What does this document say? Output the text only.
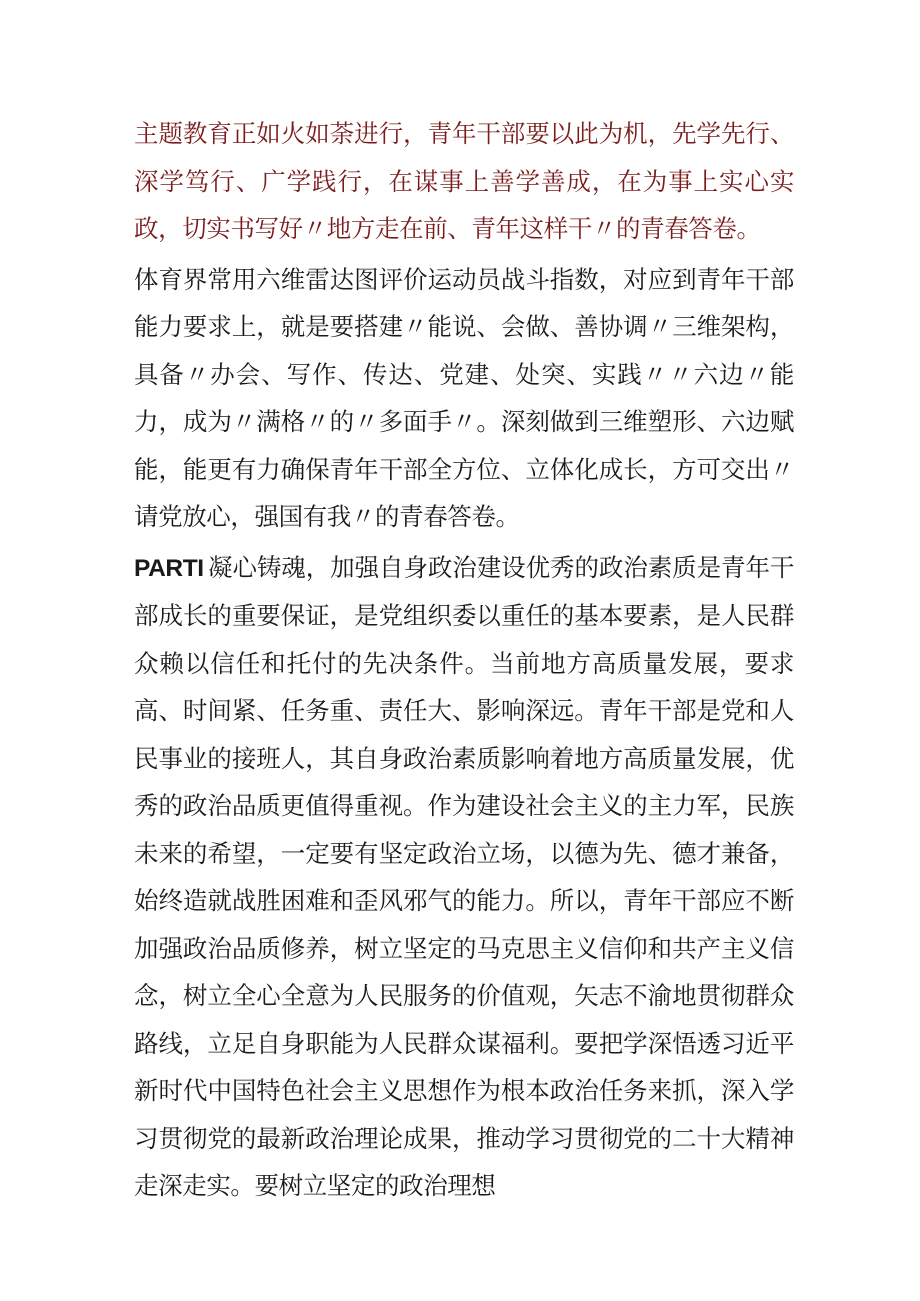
主题教育正如火如荼进行，青年干部要以此为机，先学先行、深学笃行、广学践行，在谋事上善学善成，在为事上实心实政，切实书写好〃地方走在前、青年这样干〃的青春答卷。

体育界常用六维雷达图评价运动员战斗指数，对应到青年干部能力要求上，就是要搭建〃能说、会做、善协调〃三维架构，具备〃办会、写作、传达、党建、处突、实践〃〃六边〃能力，成为〃满格〃的〃多面手〃。深刻做到三维塑形、六边赋能，能更有力确保青年干部全方位、立体化成长，方可交出〃请党放心，强国有我〃的青春答卷。

PARTI 凝心铸魂，加强自身政治建设优秀的政治素质是青年干部成长的重要保证，是党组织委以重任的基本要素，是人民群众赖以信任和托付的先决条件。当前地方高质量发展，要求高、时间紧、任务重、责任大、影响深远。青年干部是党和人民事业的接班人，其自身政治素质影响着地方高质量发展，优秀的政治品质更值得重视。作为建设社会主义的主力军，民族未来的希望，一定要有坚定政治立场，以德为先、德才兼备，始终造就战胜困难和歪风邪气的能力。所以，青年干部应不断加强政治品质修养，树立坚定的马克思主义信仰和共产主义信念，树立全心全意为人民服务的价值观，矢志不渝地贯彻群众路线，立足自身职能为人民群众谋福利。要把学深悟透习近平新时代中国特色社会主义思想作为根本政治任务来抓，深入学习贯彻党的最新政治理论成果，推动学习贯彻党的二十大精神走深走实。要树立坚定的政治理想
